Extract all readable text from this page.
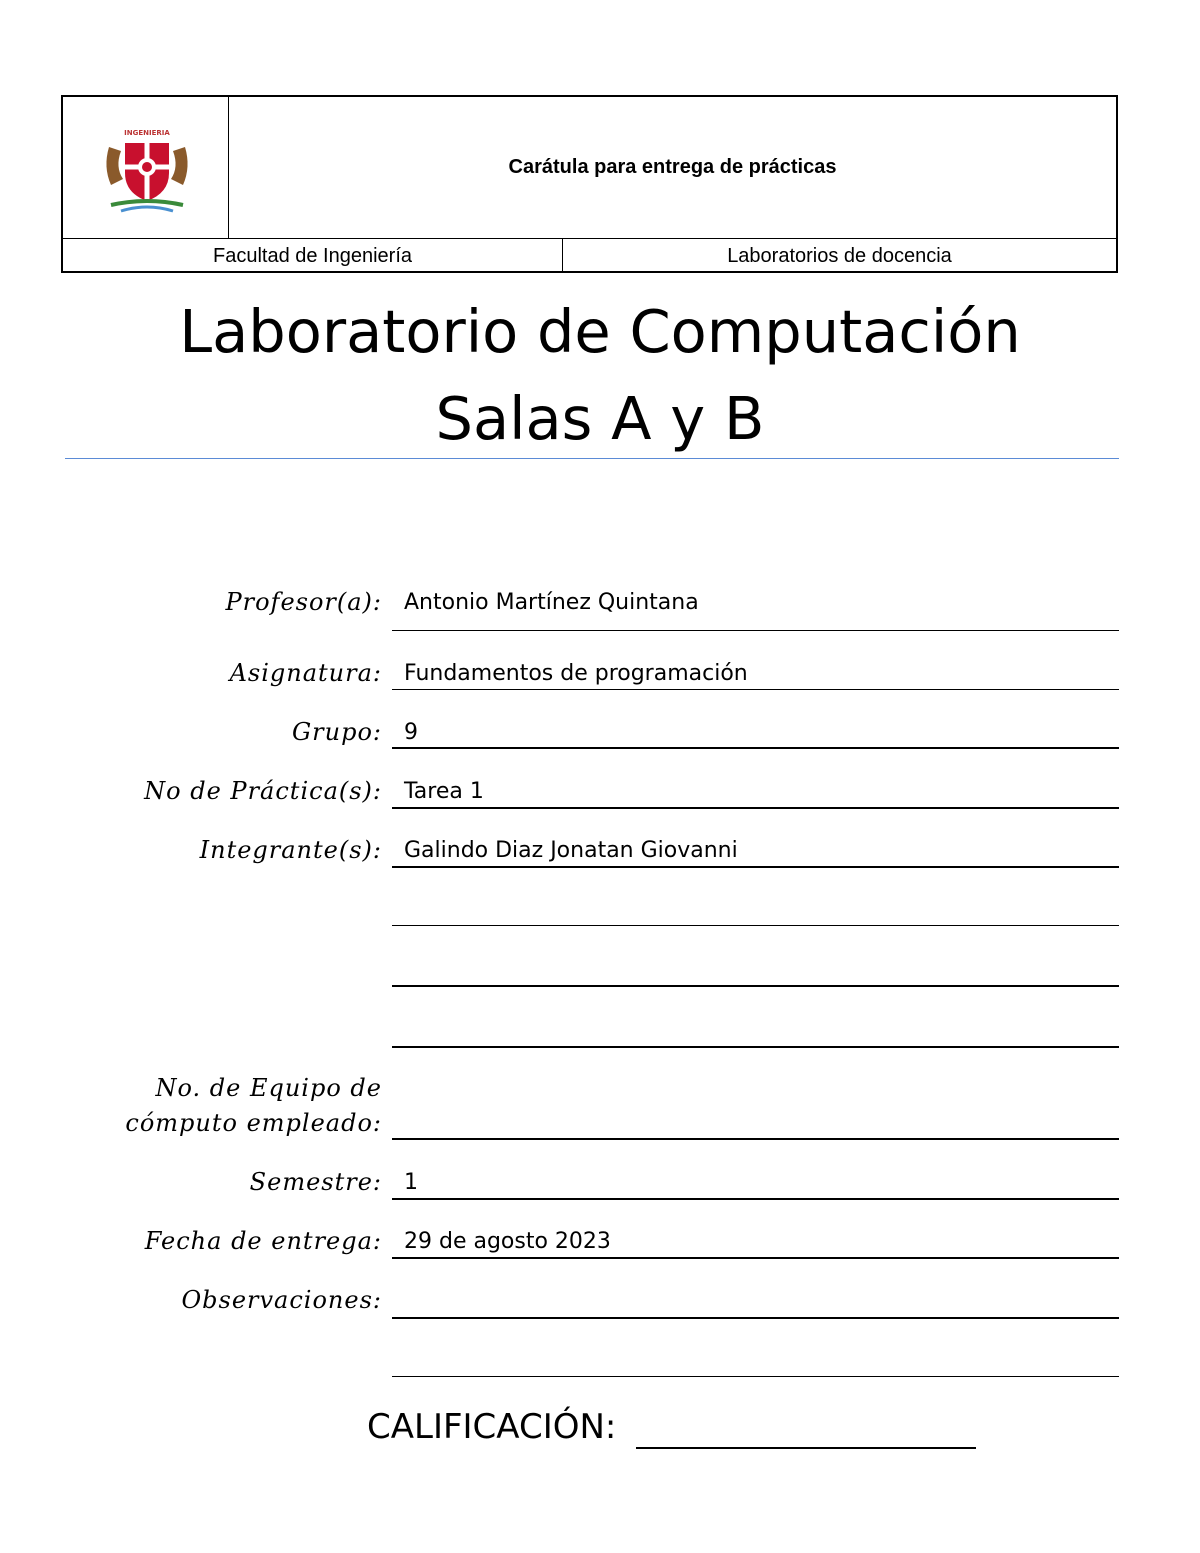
INGENIERIA
Carátula para entrega de prácticas
Facultad de Ingeniería	Laboratorios de docencia
Laboratorio de Computación
Salas A y B
Profesor(a): Antonio Martínez Quintana
Asignatura: Fundamentos de programación
Grupo: 9
No de Práctica(s): Tarea 1
Integrante(s): Galindo Diaz Jonatan Giovanni
No. de Equipo de
cómputo empleado:
Semestre: 1
Fecha de entrega: 29 de agosto 2023
Observaciones:
CALIFICACIÓN:
